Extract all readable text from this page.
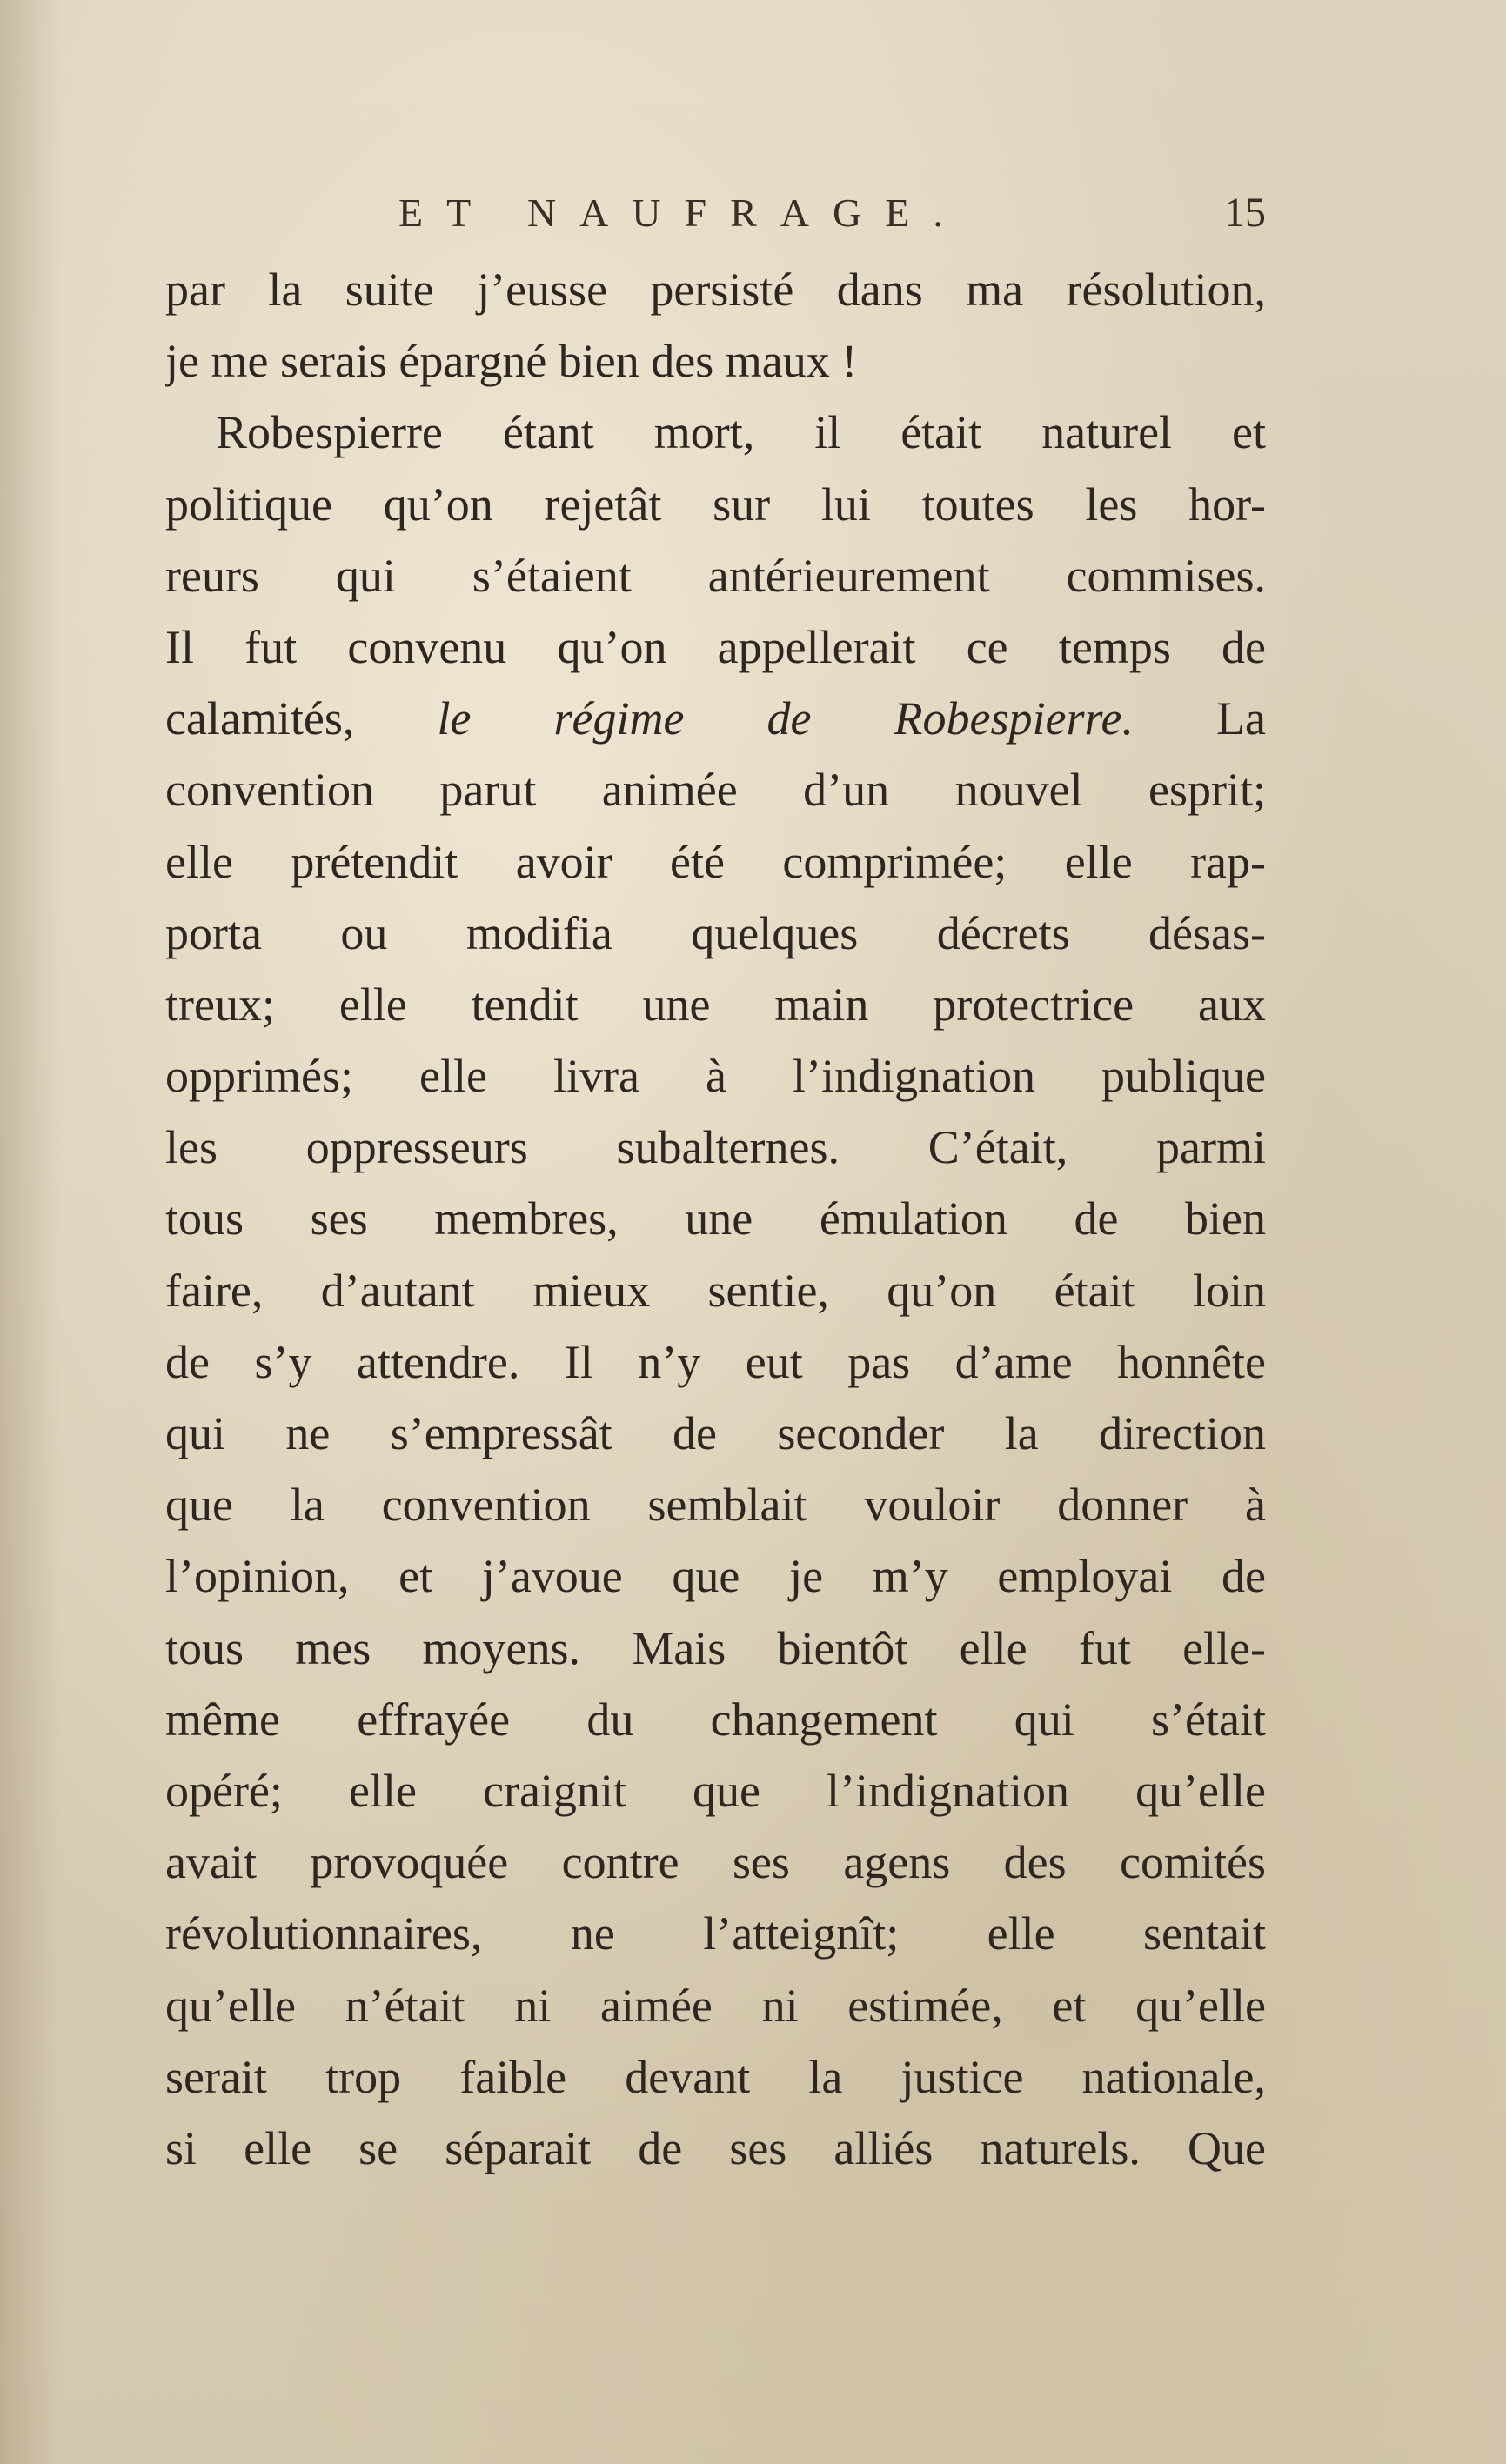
ET NAUFRAGE.	15
par la suite j’eusse persisté dans ma résolution,
je me serais épargné bien des maux !
Robespierre étant mort, il était naturel et
politique qu’on rejetât sur lui toutes les hor-
reurs qui s’étaient antérieurement commises.
Il fut convenu qu’on appellerait ce temps de
calamités, le régime de Robespierre. La
convention parut animée d’un nouvel esprit;
elle prétendit avoir été comprimée; elle rap-
porta ou modifia quelques décrets désas-
treux; elle tendit une main protectrice aux
opprimés; elle livra à l’indignation publique
les oppresseurs subalternes. C’était, parmi
tous ses membres, une émulation de bien
faire, d’autant mieux sentie, qu’on était loin
de s’y attendre. Il n’y eut pas d’ame honnête
qui ne s’empressât de seconder la direction
que la convention semblait vouloir donner à
l’opinion, et j’avoue que je m’y employai de
tous mes moyens. Mais bientôt elle fut elle-
même effrayée du changement qui s’était
opéré; elle craignit que l’indignation qu’elle
avait provoquée contre ses agens des comités
révolutionnaires, ne l’atteignît; elle sentait
qu’elle n’était ni aimée ni estimée, et qu’elle
serait trop faible devant la justice nationale,
si elle se séparait de ses alliés naturels. Que
